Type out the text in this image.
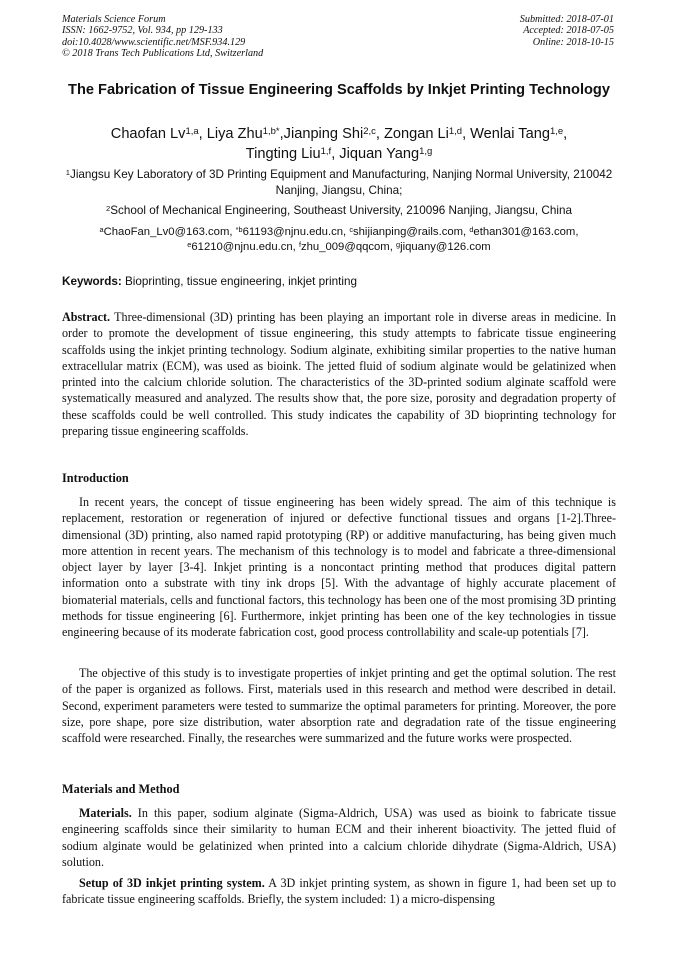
Materials Science Forum
ISSN: 1662-9752, Vol. 934, pp 129-133
doi:10.4028/www.scientific.net/MSF.934.129
© 2018 Trans Tech Publications Ltd, Switzerland
Submitted: 2018-07-01
Accepted: 2018-07-05
Online: 2018-10-15
The Fabrication of Tissue Engineering Scaffolds by Inkjet Printing Technology
Chaofan Lv$^{1,a}$, Liya Zhu$^{1,b*}$,Jianping Shi$^{2,c}$, Zongan Li$^{1,d}$, Wenlai Tang$^{1,e}$,
Tingting Liu$^{1,f}$, Jiquan Yang$^{1,g}$
$^1$Jiangsu Key Laboratory of 3D Printing Equipment and Manufacturing, Nanjing Normal University, 210042 Nanjing, Jiangsu, China;
$^2$School of Mechanical Engineering, Southeast University, 210096 Nanjing, Jiangsu, China
$^a$ChaoFan_Lv0@163.com, $^{*b}$61193@njnu.edu.cn, $^c$shijianping@rails.com, $^d$ethan301@163.com,
$^e$61210@njnu.edu.cn, $^f$zhu_009@qqcom, $^g$jiquany@126.com
Keywords: Bioprinting, tissue engineering, inkjet printing
Abstract. Three-dimensional (3D) printing has been playing an important role in diverse areas in medicine. In order to promote the development of tissue engineering, this study attempts to fabricate tissue engineering scaffolds using the inkjet printing technology. Sodium alginate, exhibiting similar properties to the native human extracellular matrix (ECM), was used as bioink. The jetted fluid of sodium alginate would be gelatinized when printed into the calcium chloride solution. The characteristics of the 3D-printed sodium alginate scaffold were systematically measured and analyzed. The results show that, the pore size, porosity and degradation property of these scaffolds could be well controlled. This study indicates the capability of 3D bioprinting technology for preparing tissue engineering scaffolds.
Introduction
In recent years, the concept of tissue engineering has been widely spread. The aim of this technique is replacement, restoration or regeneration of injured or defective functional tissues and organs [1-2].Three-dimensional (3D) printing, also named rapid prototyping (RP) or additive manufacturing, has being given much more attention in recent years. The mechanism of this technology is to model and fabricate a three-dimensional object layer by layer [3-4]. Inkjet printing is a noncontact printing method that produces digital pattern information onto a substrate with tiny ink drops [5]. With the advantage of highly accurate placement of biomaterial materials, cells and functional factors, this technology has been one of the most promising 3D printing methods for tissue engineering [6]. Furthermore, inkjet printing has been one of the key technologies in tissue engineering because of its moderate fabrication cost, good process controllability and scale-up potentials [7].
The objective of this study is to investigate properties of inkjet printing and get the optimal solution. The rest of the paper is organized as follows. First, materials used in this research and method were described in detail. Second, experiment parameters were tested to summarize the optimal parameters for printing. Moreover, the pore size, pore shape, pore size distribution, water absorption rate and degradation rate of the tissue engineering scaffold were researched. Finally, the researches were summarized and the future works were prospected.
Materials and Method
Materials. In this paper, sodium alginate (Sigma-Aldrich, USA) was used as bioink to fabricate tissue engineering scaffolds since their similarity to human ECM and their inherent bioactivity. The jetted fluid of sodium alginate would be gelatinized when printed into a calcium chloride dihydrate (Sigma-Aldrich, USA) solution.
Setup of 3D inkjet printing system. A 3D inkjet printing system, as shown in figure 1, had been set up to fabricate tissue engineering scaffolds. Briefly, the system included: 1) a micro-dispensing
